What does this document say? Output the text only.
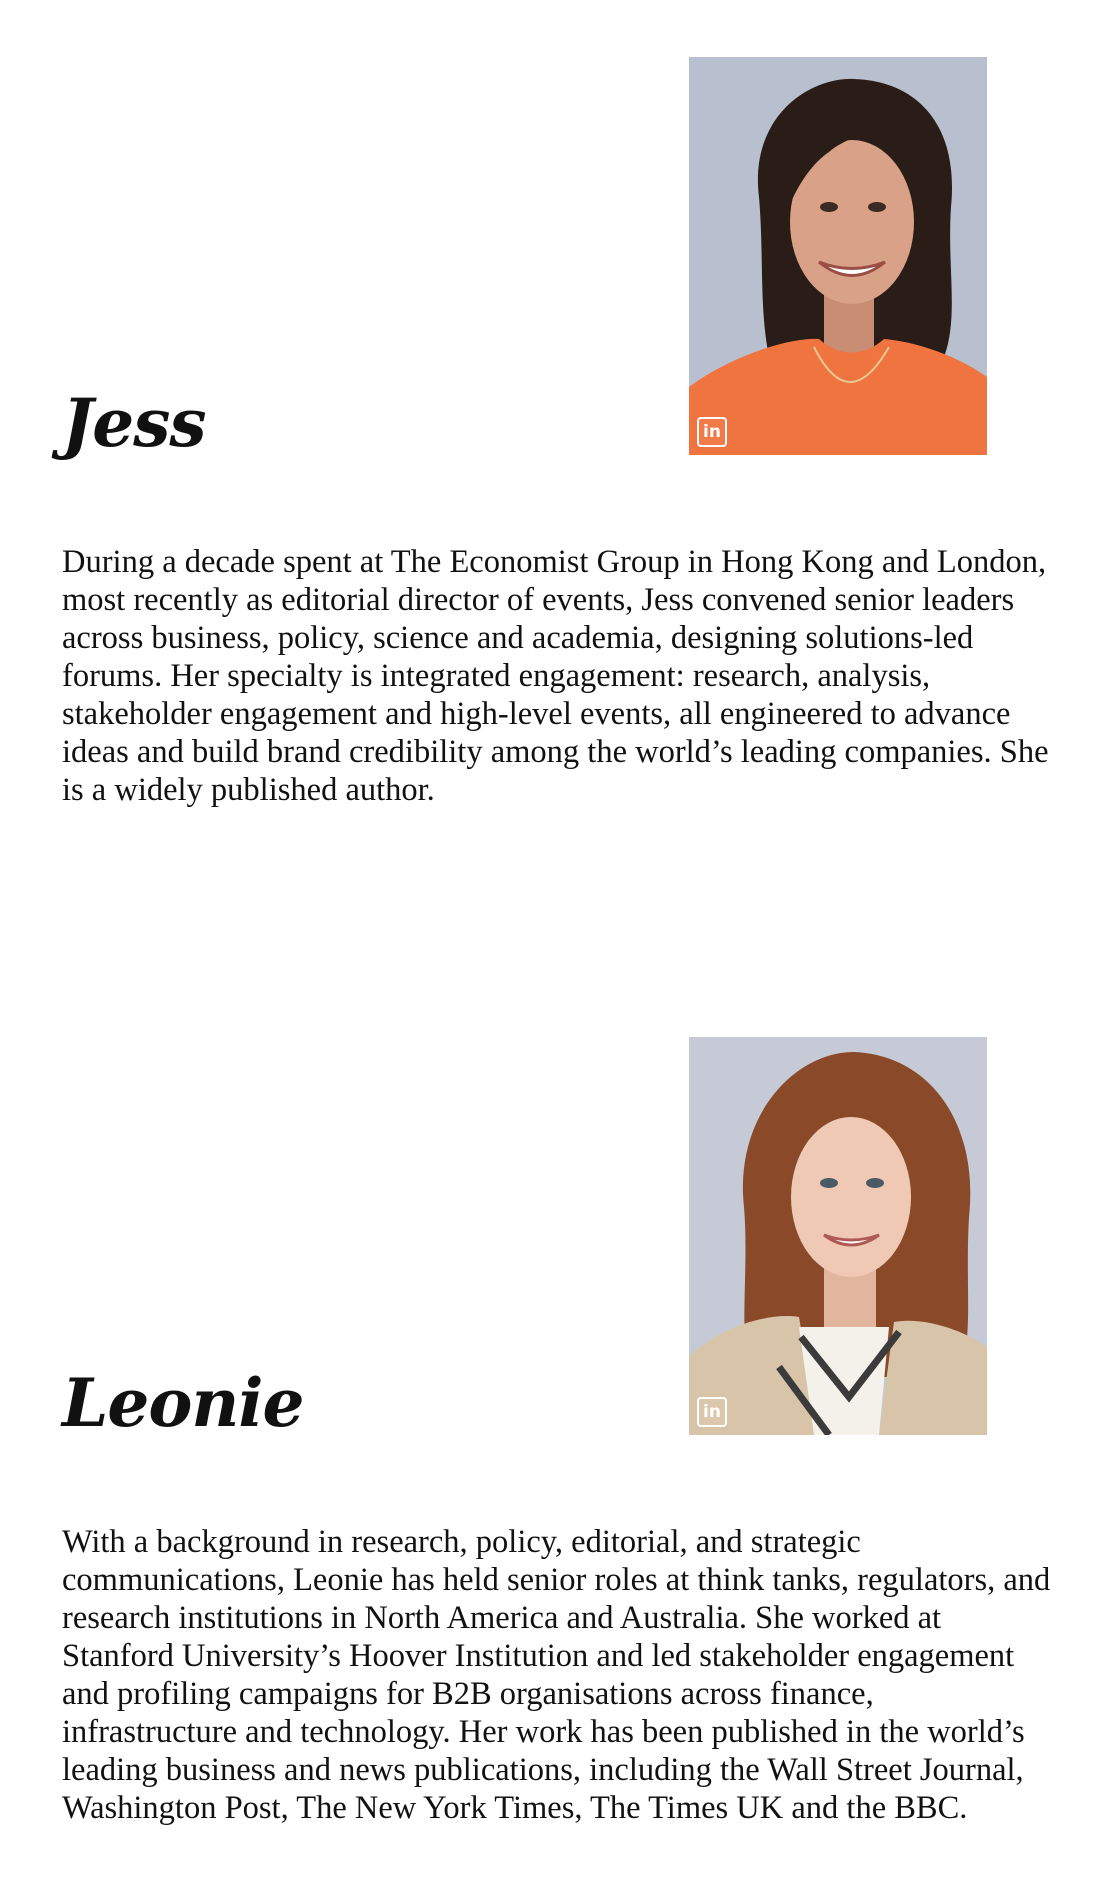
in
Jess

During a decade spent at The Economist Group in Hong Kong and London, most recently as editorial director of events, Jess convened senior leaders across business, policy, science and academia, designing solutions-led forums. Her specialty is integrated engagement: research, analysis, stakeholder engagement and high-level events, all engineered to advance ideas and build brand credibility among the world’s leading companies. She is a widely published author.

in
Leonie

With a background in research, policy, editorial, and strategic communications, Leonie has held senior roles at think tanks, regulators, and research institutions in North America and Australia. She worked at Stanford University’s Hoover Institution and led stakeholder engagement and profiling campaigns for B2B organisations across finance, infrastructure and technology. Her work has been published in the world’s leading business and news publications, including the Wall Street Journal, Washington Post, The New York Times, The Times UK and the BBC.
